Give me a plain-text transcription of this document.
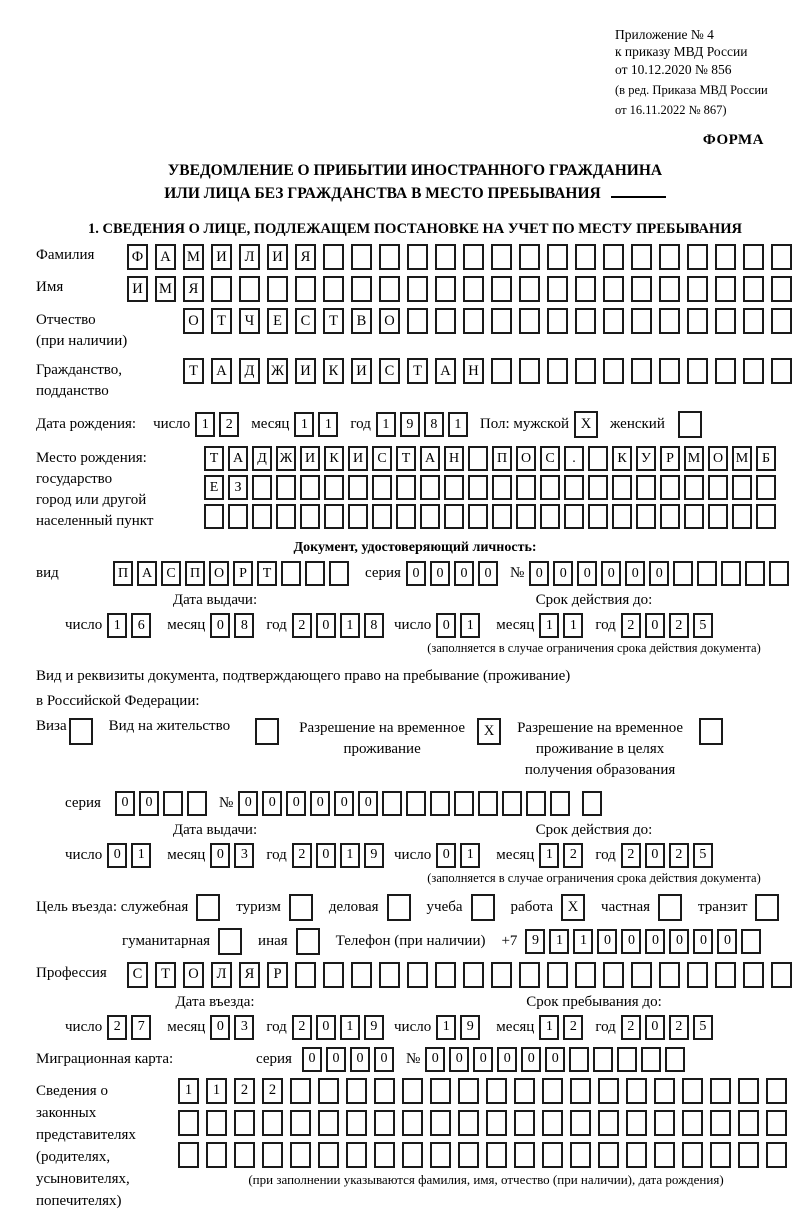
Приложение № 4
к приказу МВД России
от 10.12.2020 № 856
(в ред. Приказа МВД России
от 16.11.2022 № 867)
ФОРМА
УВЕДОМЛЕНИЕ О ПРИБЫТИИ ИНОСТРАННОГО ГРАЖДАНИНА
ИЛИ ЛИЦА БЕЗ ГРАЖДАНСТВА В МЕСТО ПРЕБЫВАНИЯ
1. СВЕДЕНИЯ О ЛИЦЕ, ПОДЛЕЖАЩЕМ ПОСТАНОВКЕ НА УЧЕТ ПО МЕСТУ ПРЕБЫВАНИЯ
Фамилия	Ф	А	М	И	Л	И	Я
Имя	И	М	Я
Отчество
(при наличии)
О	Т	Ч	Е	С	Т	В	О
Гражданство,
подданство
Т	А	Д	Ж	И	К	И	С	Т	А	Н
Дата рождения: число 1	2	месяц 1	1	год 1	9	8	1	Пол: мужской X	женский
Место рождения:
государство
город или другой
населенный пункт
Т	А	Д Ж И	К	И	С	Т	А Н	П О	С	.	К	У	Р М О М Б
Е	З
Документ, удостоверяющий личность:
вид	П А	С	П О	Р	Т	серия 0	0	0	0	№ 0	0	0	0	0	0
Дата выдачи:
число 1	6	месяц 0	8	год 2	0	1	8
Срок действия до:
число 0	1	месяц 1	1	год 2	0	2	5
(заполняется в случае ограничения срока действия документа)
Вид и реквизиты документа, подтверждающего право на пребывание (проживание)
в Российской Федерации:
Виза	Вид на жительство	Разрешение на временное
проживание
X	Разрешение на временное
проживание в целях
получения образования
серия	0	0	№ 0	0	0	0	0	0
Дата выдачи:
число 0	1	месяц 0	3	год 2	0	1	9
Срок действия до:
число 0	1	месяц 1	2	год 2	0	2	5
(заполняется в случае ограничения срока действия документа)
Цель въезда: служебная	туризм	деловая	учеба	работа	X	частная	транзит
гуманитарная	иная	Телефон (при наличии) +7	9	1	1	0	0	0	0	0	0
Профессия	С	Т	О	Л	Я	Р
Дата въезда:
число 2	7	месяц 0	3	год 2	0	1	9
Срок пребывания до:
число 1	9	месяц 1	2	год 2	0	2	5
Миграционная карта:	серия	0	0	0	0	№ 0	0	0	0	0	0
Сведения о
законных
представителях
(родителях,
усыновителях,
попечителях)
1	1	2	2
(при заполнении указываются фамилия, имя, отчество (при наличии), дата рождения)
